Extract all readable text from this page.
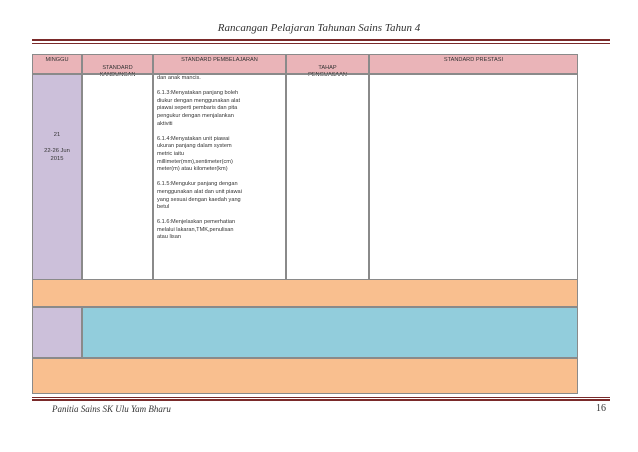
Rancangan Pelajaran Tahunan Sains Tahun 4
MINGGU

STANDARD
KANDUNGAN

STANDARD PEMBELAJARAN

TAHAP
PENGUASAAN

STANDARD PRESTASI
21
22-26 Jun
2015

dan anak mancis.

6.1.3:Menyatakan panjang boleh
diukur dengan menggunakan alat
piawai seperti pembaris dan pita
pengukur dengan menjalankan
aktiviti

6.1.4:Menyatakan unit piawai
ukuran panjang dalam system
metric iaitu
millimeter(mm),sentimeter(cm)
meter(m) atau kilometer(km)

6.1.5:Mengukur panjang dengan
menggunakan alat dan unit piawai
yang sesuai dengan kaedah yang
betul

6.1.6:Menjelaskan pemerhatian
melalui lakaran,TMK,penulisan
atau lisan

Panitia Sains SK Ulu Yam Bharu	16
